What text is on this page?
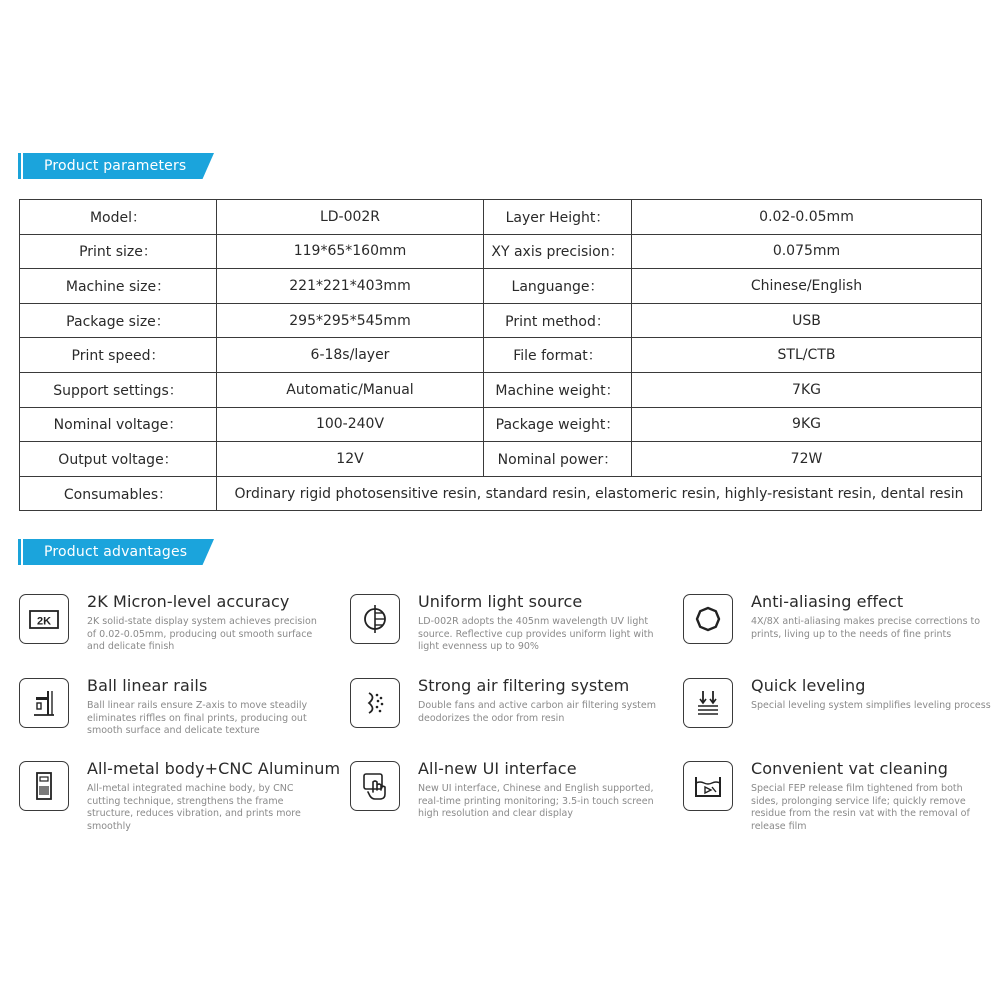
Product parameters
Model：	LD-002R	Layer Height：	0.02-0.05mm
Print size：	119*65*160mm	XY axis precision：	0.075mm
Machine size：	221*221*403mm	Languange：	Chinese/English
Package size：	295*295*545mm	Print method：	USB
Print speed：	6-18s/layer	File format：	STL/CTB
Support settings：	Automatic/Manual	Machine weight：	7KG
Nominal voltage：	100-240V	Package weight：	9KG
Output voltage：	12V	Nominal power：	72W
Consumables：	Ordinary rigid photosensitive resin, standard resin, elastomeric resin, highly-resistant resin, dental resin		
Product advantages
2K
2K Micron-level accuracy
2K solid-state display system achieves precision of 0.02-0.05mm, producing out smooth surface and delicate finish
Uniform light source
LD-002R adopts the 405nm wavelength UV light source. Reflective cup provides uniform light with light evenness up to 90%
Anti-aliasing effect
4X/8X anti-aliasing makes precise corrections to prints, living up to the needs of fine prints
Ball linear rails
Ball linear rails ensure Z-axis to move steadily eliminates riffles on final prints, producing out smooth surface and delicate texture
Strong air filtering system
Double fans and active carbon air filtering system deodorizes the odor from resin
Quick leveling
Special leveling system simplifies leveling process
All-metal body+CNC Aluminum
All-metal integrated machine body, by CNC cutting technique, strengthens the frame structure, reduces vibration, and prints more smoothly
All-new UI interface
New UI interface, Chinese and English supported, real-time printing monitoring; 3.5-in touch screen high resolution and clear display
Convenient vat cleaning
Special FEP release film tightened from both sides, prolonging service life; quickly remove residue from the resin vat with the removal of release film
